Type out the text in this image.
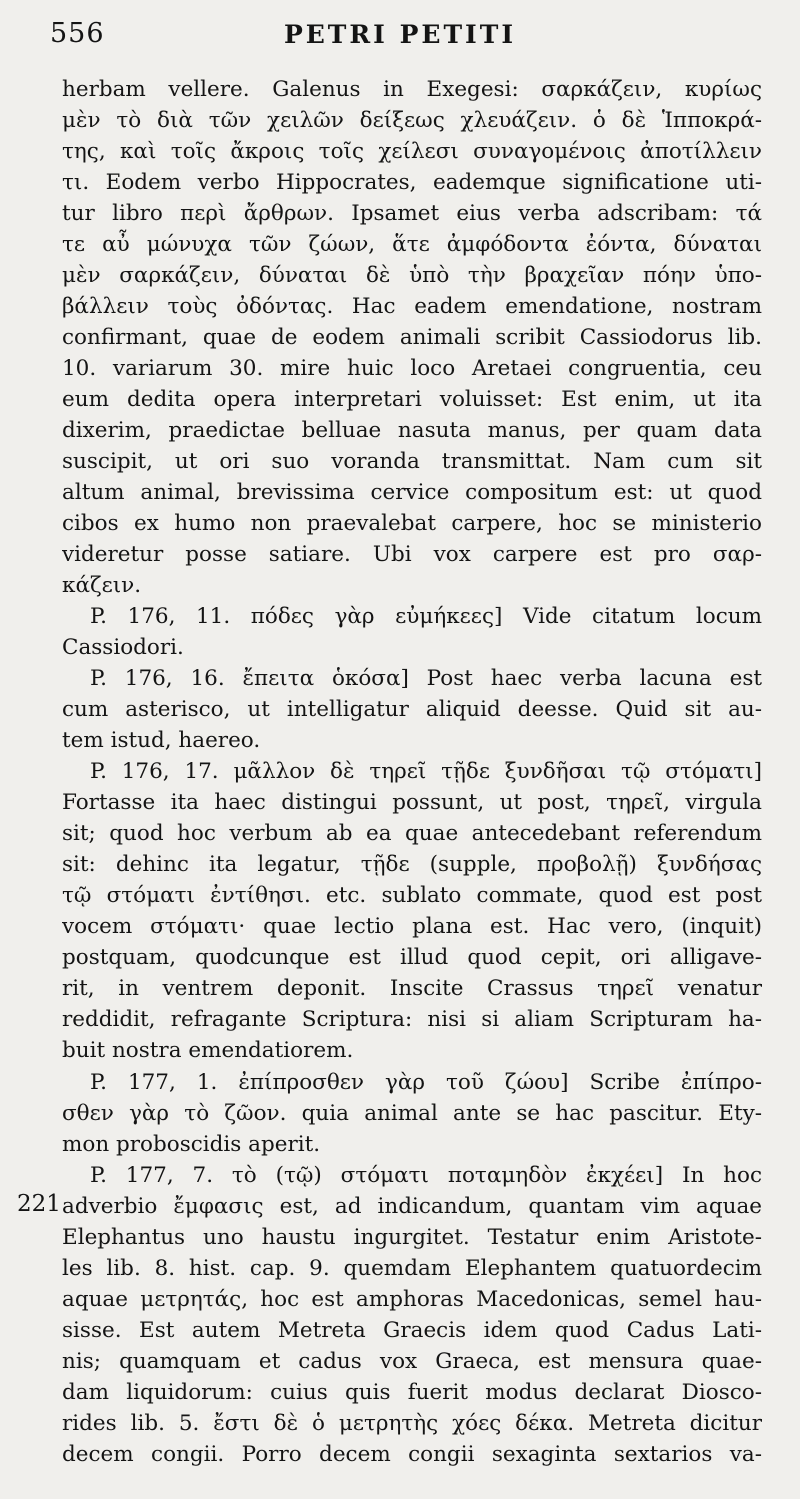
556	PETRI PETITI
herbam vellere. Galenus in Exegesi: σαρκάζειν, κυρίως
μὲν τὸ διὰ τῶν χειλῶν δείξεως χλευάζειν. ὁ δὲ Ἱπποκρά-
της, καὶ τοῖς ἄκροις τοῖς χείλεσι συναγομένοις ἀποτίλλειν
τι. Eodem verbo Hippocrates, eademque significatione uti-
tur libro περὶ ἄρθρων. Ipsamet eius verba adscribam: τά
τε αὖ μώνυχα τῶν ζώων, ἅτε ἀμφόδοντα ἐόντα, δύναται
μὲν σαρκάζειν, δύναται δὲ ὑπὸ τὴν βραχεῖαν πόην ὑπο-
βάλλειν τοὺς ὀδόντας. Hac eadem emendatione, nostram
confirmant, quae de eodem animali scribit Cassiodorus lib.
10. variarum 30. mire huic loco Aretaei congruentia, ceu
eum dedita opera interpretari voluisset: Est enim, ut ita
dixerim, praedictae belluae nasuta manus, per quam data
suscipit, ut ori suo voranda transmittat. Nam cum sit
altum animal, brevissima cervice compositum est: ut quod
cibos ex humo non praevalebat carpere, hoc se ministerio
videretur posse satiare. Ubi vox carpere est pro σαρ-
κάζειν.
P. 176, 11. πόδες γὰρ εὐμήκεες] Vide citatum locum
Cassiodori.
P. 176, 16. ἔπειτα ὁκόσα] Post haec verba lacuna est
cum asterisco, ut intelligatur aliquid deesse. Quid sit au-
tem istud, haereo.
P. 176, 17. μᾶλλον δὲ τηρεῖ τῇδε ξυνδῆσαι τῷ στόματι]
Fortasse ita haec distingui possunt, ut post, τηρεῖ, virgula
sit; quod hoc verbum ab ea quae antecedebant referendum
sit: dehinc ita legatur, τῇδε (supple, προβολῇ) ξυνδήσας
τῷ στόματι ἐντίθησι. etc. sublato commate, quod est post
vocem στόματι· quae lectio plana est. Hac vero, (inquit)
postquam, quodcunque est illud quod cepit, ori alligave-
rit, in ventrem deponit. Inscite Crassus τηρεῖ venatur
reddidit, refragante Scriptura: nisi si aliam Scripturam ha-
buit nostra emendatiorem.
P. 177, 1. ἐπίπροσθεν γὰρ τοῦ ζώου] Scribe ἐπίπρο-
σθεν γὰρ τὸ ζῶον. quia animal ante se hac pascitur. Ety-
mon proboscidis aperit.
P. 177, 7. τὸ (τῷ) στόματι ποταμηδὸν ἐκχέει] In hoc
adverbio ἔμφασις est, ad indicandum, quantam vim aquae
Elephantus uno haustu ingurgitet. Testatur enim Aristote-
les lib. 8. hist. cap. 9. quemdam Elephantem quatuordecim
aquae μετρητάς, hoc est amphoras Macedonicas, semel hau-
sisse. Est autem Metreta Graecis idem quod Cadus Lati-
nis; quamquam et cadus vox Graeca, est mensura quae-
dam liquidorum: cuius quis fuerit modus declarat Diosco-
rides lib. 5. ἔστι δὲ ὁ μετρητὴς χόες δέκα. Metreta dicitur
decem congii. Porro decem congii sexaginta sextarios va-
221
